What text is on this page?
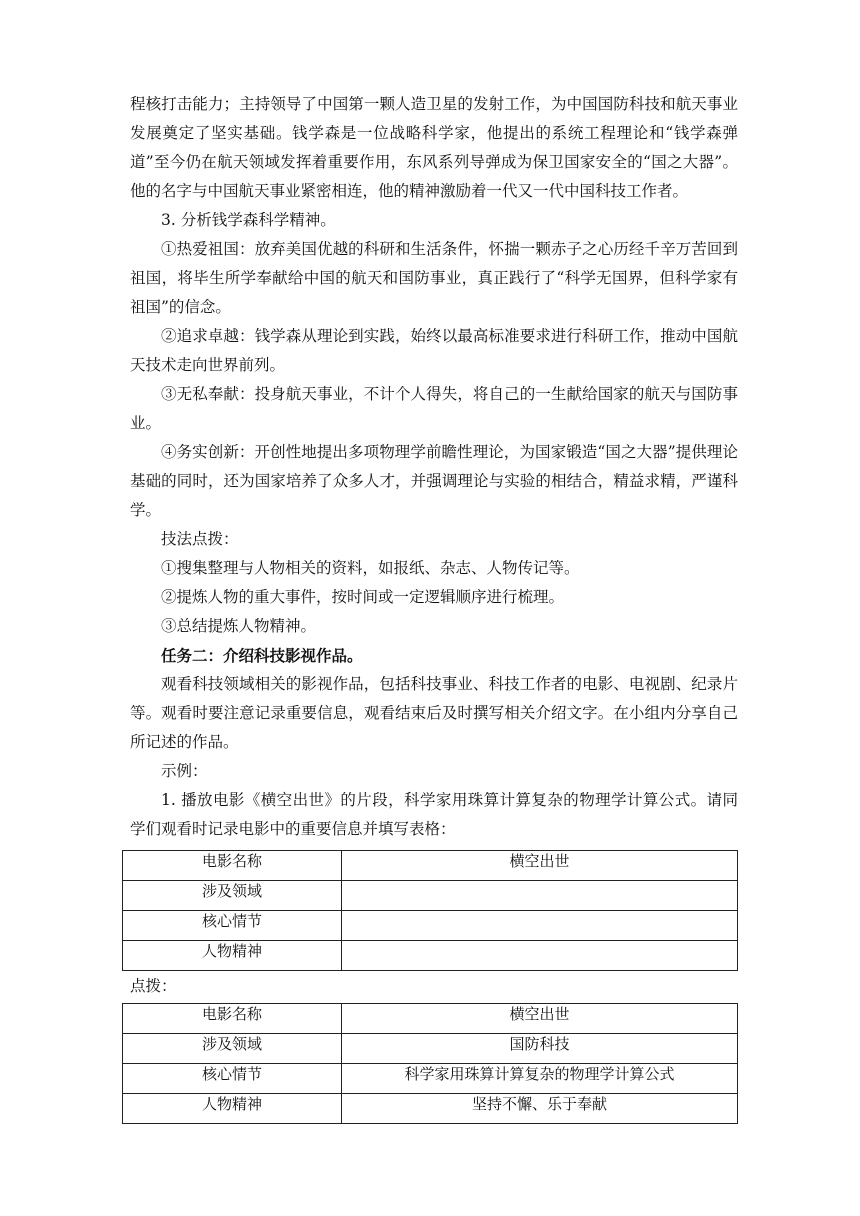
程核打击能力；主持领导了中国第一颗人造卫星的发射工作，为中国国防科技和航天事业发展奠定了坚实基础。钱学森是一位战略科学家，他提出的系统工程理论和“钱学森弹道”至今仍在航天领域发挥着重要作用，东风系列导弹成为保卫国家安全的“国之大器”。他的名字与中国航天事业紧密相连，他的精神激励着一代又一代中国科技工作者。

3. 分析钱学森科学精神。

①热爱祖国：放弃美国优越的科研和生活条件，怀揣一颗赤子之心历经千辛万苦回到祖国，将毕生所学奉献给中国的航天和国防事业，真正践行了“科学无国界，但科学家有祖国”的信念。

②追求卓越：钱学森从理论到实践，始终以最高标准要求进行科研工作，推动中国航天技术走向世界前列。

③无私奉献：投身航天事业，不计个人得失，将自己的一生献给国家的航天与国防事业。

④务实创新：开创性地提出多项物理学前瞻性理论，为国家锻造“国之大器”提供理论基础的同时，还为国家培养了众多人才，并强调理论与实验的相结合，精益求精，严谨科学。

技法点拨：

①搜集整理与人物相关的资料，如报纸、杂志、人物传记等。

②提炼人物的重大事件，按时间或一定逻辑顺序进行梳理。

③总结提炼人物精神。

任务二：介绍科技影视作品。

观看科技领域相关的影视作品，包括科技事业、科技工作者的电影、电视剧、纪录片等。观看时要注意记录重要信息，观看结束后及时撰写相关介绍文字。在小组内分享自己所记述的作品。

示例：

1. 播放电影《横空出世》的片段，科学家用珠算计算复杂的物理学计算公式。请同学们观看时记录电影中的重要信息并填写表格：

电影名称	横空出世
涉及领域	
核心情节	
人物精神	

点拨：

电影名称	横空出世
涉及领域	国防科技
核心情节	科学家用珠算计算复杂的物理学计算公式
人物精神	坚持不懈、乐于奉献
